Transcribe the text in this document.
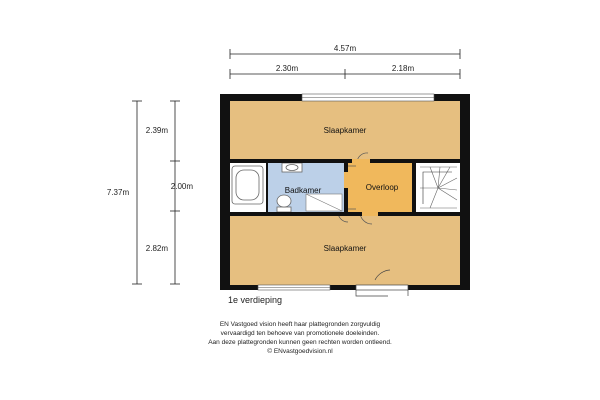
4.57m
2.30m	2.18m
7.37m
2.39m
2.00m
2.82m
Slaapkamer
Badkamer	Overloop
Slaapkamer
1e verdieping
EN Vastgoed vision heeft haar plattegronden zorgvuldig
vervaardigd ten behoeve van promotionele doeleinden.
Aan deze plattegronden kunnen geen rechten worden ontleend.
© ENvastgoedvision.nl
